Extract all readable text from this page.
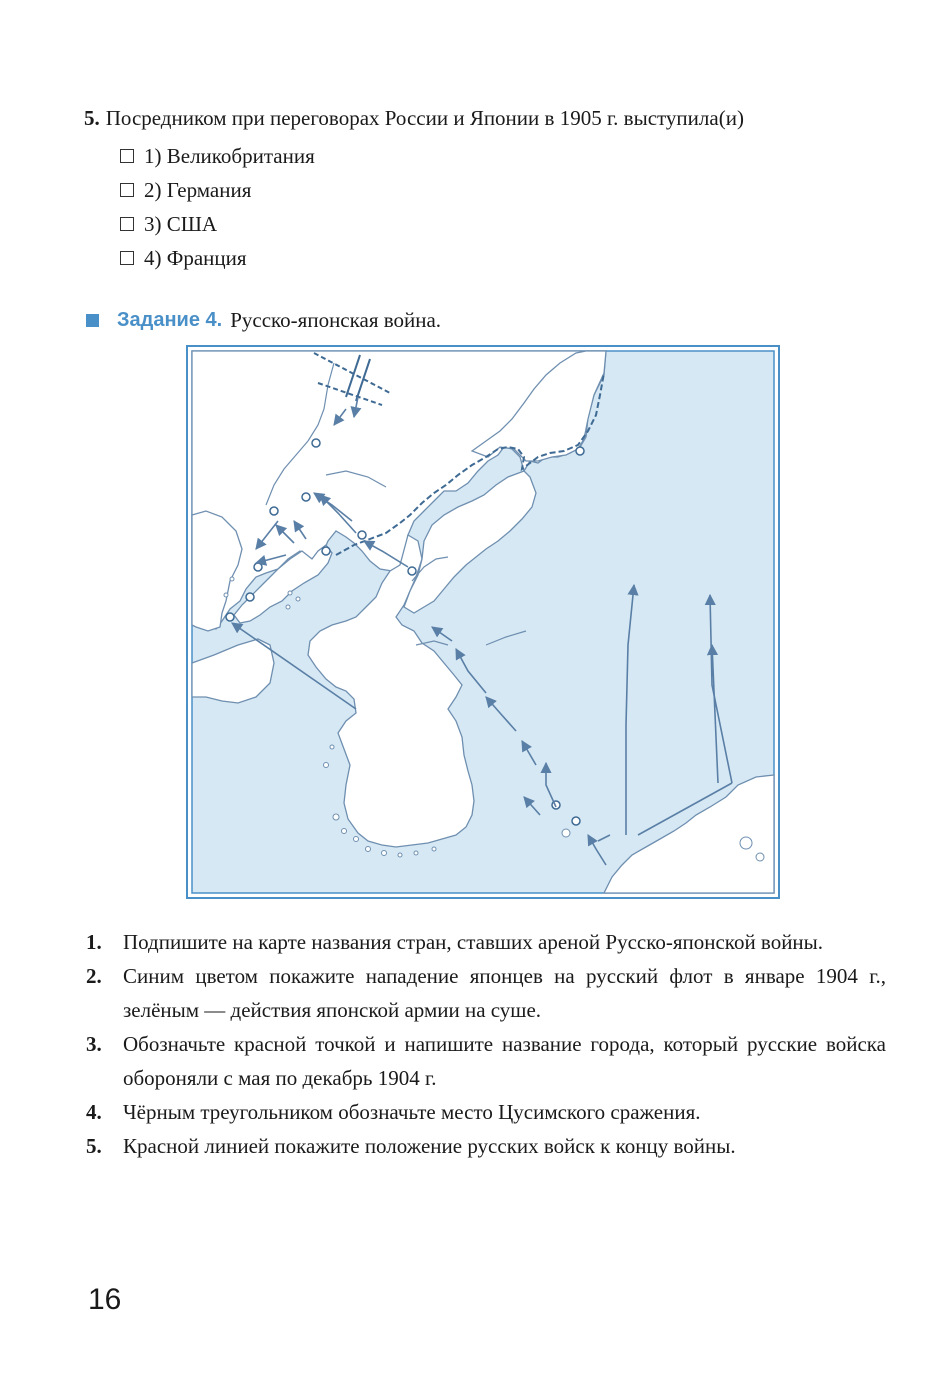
5. Посредником при переговорах России и Японии в 1905 г. выступила(и)
1) Великобритания
2) Германия
3) США
4) Франция
Задание 4. Русско-японская война.
1.	Подпишите на карте названия стран, ставших ареной Русско-японской войны.
2.	Синим цветом покажите нападение японцев на русский флот в январе 1904 г., зелёным — действия японской армии на суше.
3.	Обозначьте красной точкой и напишите название города, который русские войска обороняли с мая по декабрь 1904 г.
4.	Чёрным треугольником обозначьте место Цусимского сражения.
5.	Красной линией покажите положение русских войск к концу войны.
16
